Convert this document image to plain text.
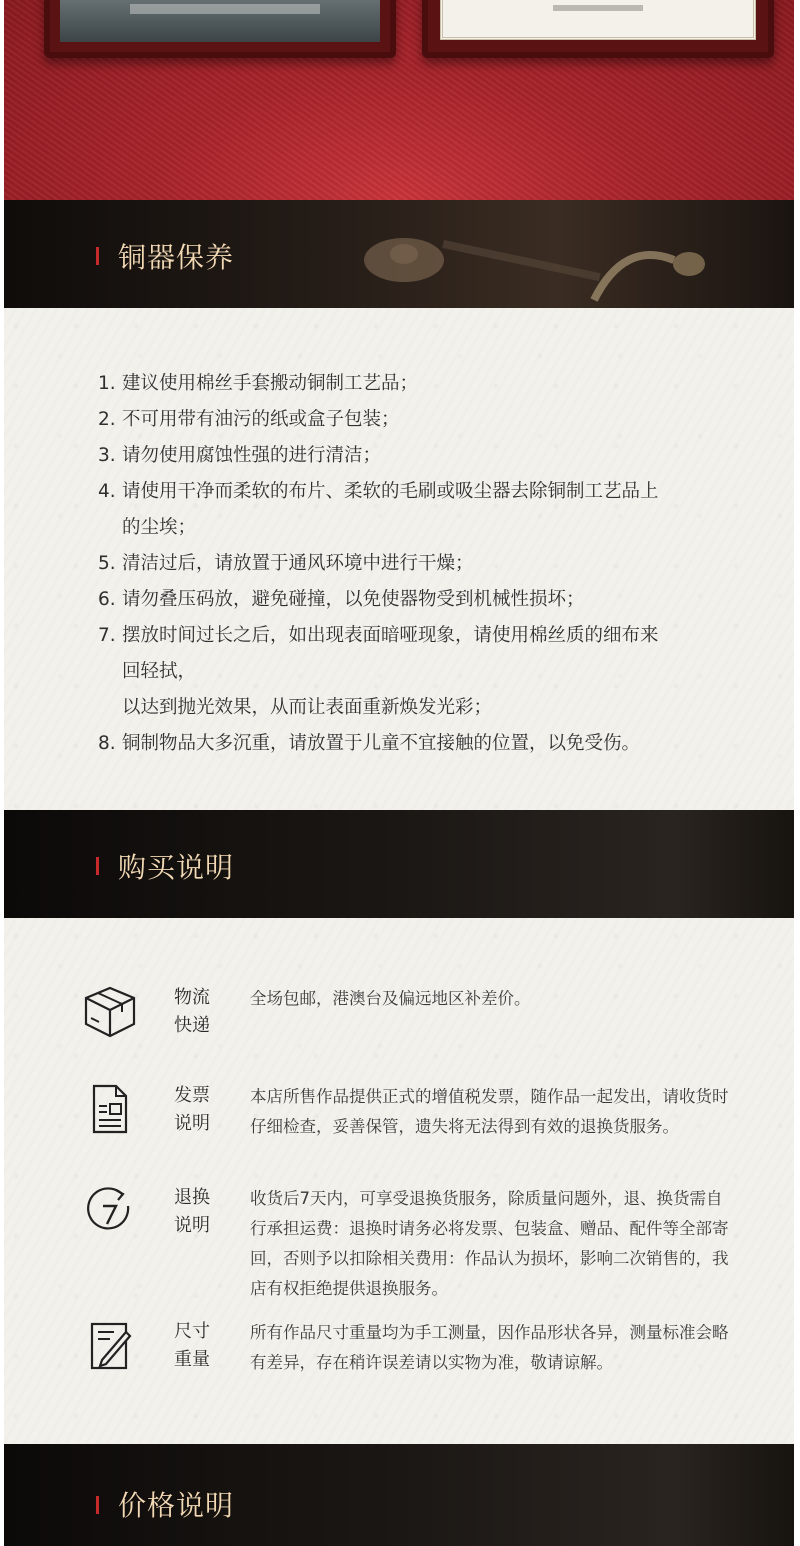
铜器保养
1. 建议使用棉丝手套搬动铜制工艺品；
2. 不可用带有油污的纸或盒子包装；
3. 请勿使用腐蚀性强的进行清洁；
4. 请使用干净而柔软的布片、柔软的毛刷或吸尘器去除铜制工艺品上
的尘埃；
5. 清洁过后，请放置于通风环境中进行干燥；
6. 请勿叠压码放，避免碰撞，以免使器物受到机械性损坏；
7. 摆放时间过长之后，如出现表面暗哑现象，请使用棉丝质的细布来
回轻拭，
以达到抛光效果，从而让表面重新焕发光彩；
8. 铜制物品大多沉重，请放置于儿童不宜接触的位置，以免受伤。
购买说明
物流
快递
全场包邮，港澳台及偏远地区补差价。
发票
说明
本店所售作品提供正式的增值税发票，随作品一起发出，请收货时仔细检查，妥善保管，遗失将无法得到有效的退换货服务。
退换
说明
收货后7天内，可享受退换货服务，除质量问题外，退、换货需自行承担运费：退换时请务必将发票、包装盒、赠品、配件等全部寄回，否则予以扣除相关费用：作品认为损坏，影响二次销售的，我店有权拒绝提供退换服务。
尺寸
重量
所有作品尺寸重量均为手工测量，因作品形状各异，测量标准会略有差异，存在稍许误差请以实物为准，敬请谅解。
价格说明
